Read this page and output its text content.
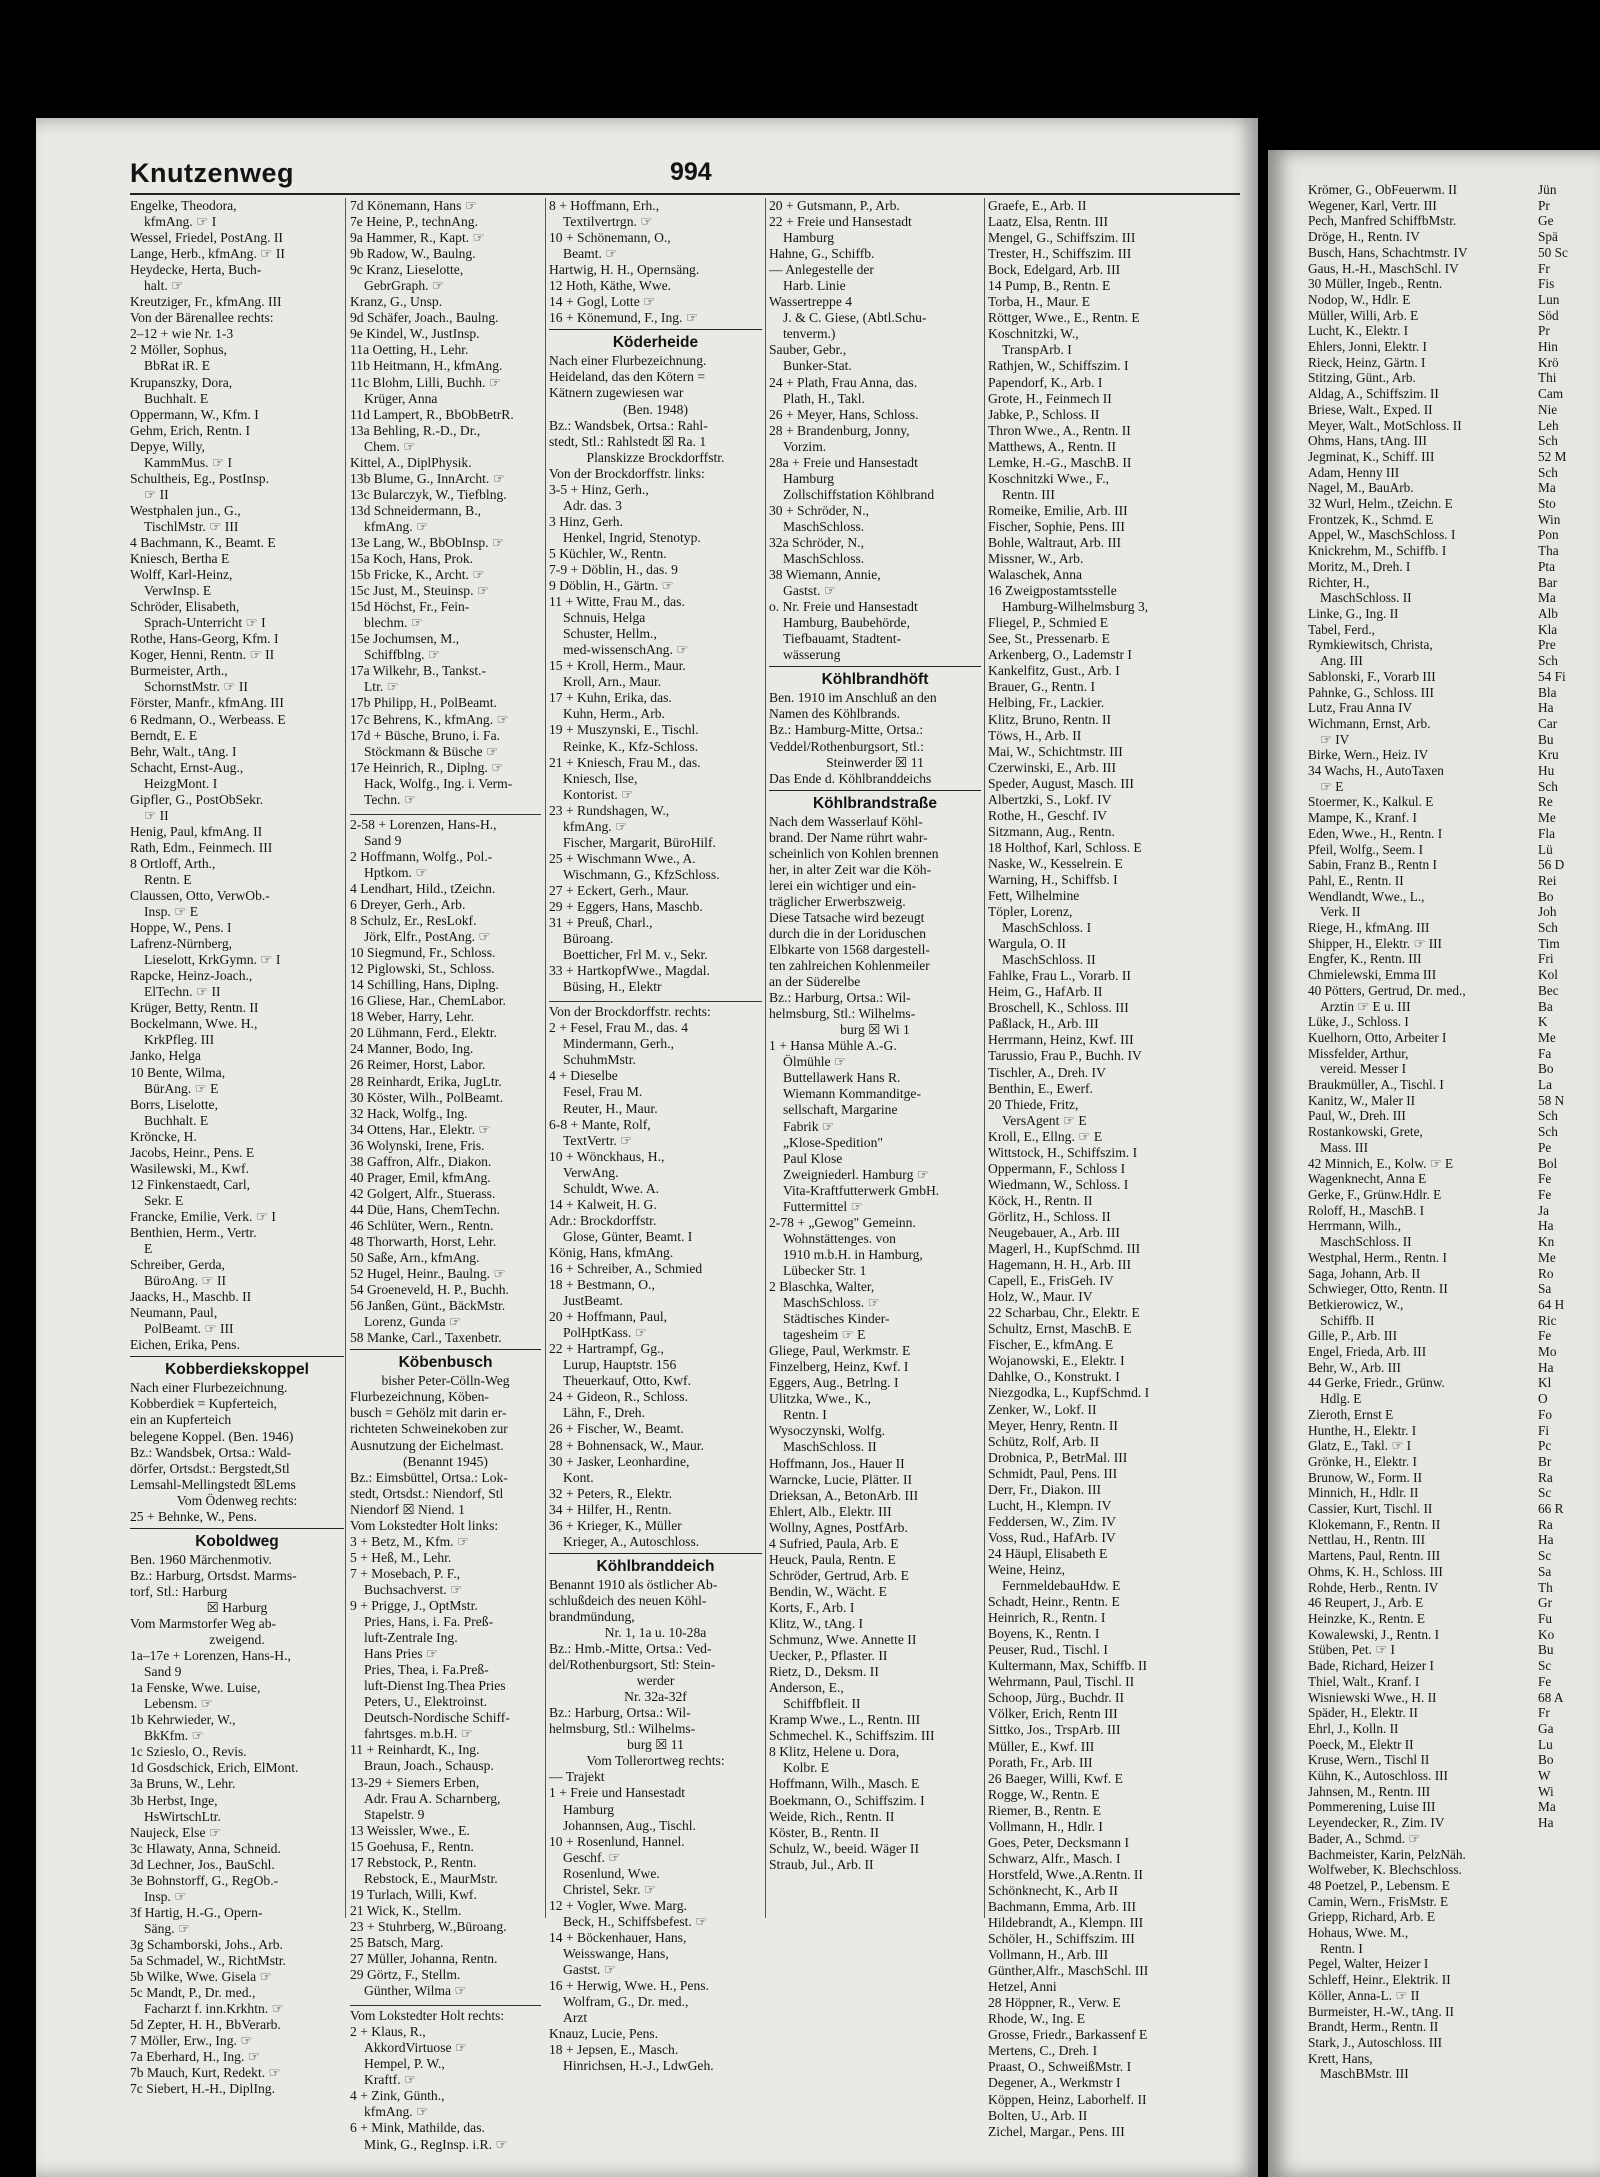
Knutzenweg	994
Engelke, Theodora,
kfmAng. ☞ I
Wessel, Friedel, PostAng. II
Lange, Herb., kfmAng. ☞ II
Heydecke, Herta, Buch-
halt. ☞
Kreutziger, Fr., kfmAng. III
Von der Bärenallee rechts:
2–12 + wie Nr. 1-3
2 Möller, Sophus,
BbRat iR. E
Krupanszky, Dora,
Buchhalt. E
Oppermann, W., Kfm. I
Gehm, Erich, Rentn. I
Depye, Willy,
KammMus. ☞ I
Schultheis, Eg., PostInsp.
☞ II
Westphalen jun., G.,
TischlMstr. ☞ III
4 Bachmann, K., Beamt. E
Kniesch, Bertha E
Wolff, Karl-Heinz,
VerwInsp. E
Schröder, Elisabeth,
Sprach-Unterricht ☞ I
Rothe, Hans-Georg, Kfm. I
Koger, Henni, Rentn. ☞ II
Burmeister, Arth.,
SchornstMstr. ☞ II
Förster, Manfr., kfmAng. III
6 Redmann, O., Werbeass. E
Berndt, E. E
Behr, Walt., tAng. I
Schacht, Ernst-Aug.,
HeizgMont. I
Gipfler, G., PostObSekr.
☞ II
Henig, Paul, kfmAng. II
Rath, Edm., Feinmech. III
8 Ortloff, Arth.,
Rentn. E
Claussen, Otto, VerwOb.-
Insp. ☞ E
Hoppe, W., Pens. I
Lafrenz-Nürnberg,
Lieselott, KrkGymn. ☞ I
Rapcke, Heinz-Joach.,
ElTechn. ☞ II
Krüger, Betty, Rentn. II
Bockelmann, Wwe. H.,
KrkPfleg. III
Janko, Helga
10 Bente, Wilma,
BürAng. ☞ E
Borrs, Liselotte,
Buchhalt. E
Kröncke, H.
Jacobs, Heinr., Pens. E
Wasilewski, M., Kwf.
12 Finkenstaedt, Carl,
Sekr. E
Francke, Emilie, Verk. ☞ I
Benthien, Herm., Vertr.
E
Schreiber, Gerda,
BüroAng. ☞ II
Jaacks, H., Maschb. II
Neumann, Paul,
PolBeamt. ☞ III
Eichen, Erika, Pens.
Kobberdiekskoppel
Nach einer Flurbezeichnung.
Kobberdiek = Kupferteich,
ein an Kupferteich
belegene Koppel. (Ben. 1946)
Bz.: Wandsbek, Ortsa.: Wald-
dörfer, Ortsdst.: Bergstedt,Stl
Lemsahl-Mellingstedt ☒Lems
Vom Ödenweg rechts:
25 + Behnke, W., Pens.
Koboldweg
Ben. 1960 Märchenmotiv.
Bz.: Harburg, Ortsdst. Marms-
torf, Stl.: Harburg
☒ Harburg
Vom Marmstorfer Weg ab-
zweigend.
1a–17e + Lorenzen, Hans-H.,
Sand 9
1a Fenske, Wwe. Luise,
Lebensm. ☞
1b Kehrwieder, W.,
BkKfm. ☞
1c Szieslo, O., Revis.
1d Gosdschick, Erich, ElMont.
3a Bruns, W., Lehr.
3b Herbst, Inge,
HsWirtschLtr.
Naujeck, Else ☞
3c Hlawaty, Anna, Schneid.
3d Lechner, Jos., BauSchl.
3e Bohnstorff, G., RegOb.-
Insp. ☞
3f Hartig, H.-G., Opern-
Säng. ☞
3g Schamborski, Johs., Arb.
5a Schmadel, W., RichtMstr.
5b Wilke, Wwe. Gisela ☞
5c Mandt, P., Dr. med.,
Facharzt f. inn.Krkhtn. ☞
5d Zepter, H. H., BbVerarb.
7 Möller, Erw., Ing. ☞
7a Eberhard, H., Ing. ☞
7b Mauch, Kurt, Redekt. ☞
7c Siebert, H.-H., DiplIng.
7d Könemann, Hans ☞
7e Heine, P., technAng.
9a Hammer, R., Kapt. ☞
9b Radow, W., Baulng.
9c Kranz, Lieselotte,
GebrGraph. ☞
Kranz, G., Unsp.
9d Schäfer, Joach., Baulng.
9e Kindel, W., JustInsp.
11a Oetting, H., Lehr.
11b Heitmann, H., kfmAng.
11c Blohm, Lilli, Buchh. ☞
Krüger, Anna
11d Lampert, R., BbObBetrR.
13a Behling, R.-D., Dr.,
Chem. ☞
Kittel, A., DiplPhysik.
13b Blume, G., InnArcht. ☞
13c Bularczyk, W., Tiefblng.
13d Schneidermann, B.,
kfmAng. ☞
13e Lang, W., BbObInsp. ☞
15a Koch, Hans, Prok.
15b Fricke, K., Archt. ☞
15c Just, M., Steuinsp. ☞
15d Höchst, Fr., Fein-
blechm. ☞
15e Jochumsen, M.,
Schiffblng. ☞
17a Wilkehr, B., Tankst.-
Ltr. ☞
17b Philipp, H., PolBeamt.
17c Behrens, K., kfmAng. ☞
17d + Büsche, Bruno, i. Fa.
Stöckmann & Büsche ☞
17e Heinrich, R., Diplng. ☞
Hack, Wolfg., Ing. i. Verm-
Techn. ☞
2-58 + Lorenzen, Hans-H.,
Sand 9
2 Hoffmann, Wolfg., Pol.-
Hptkom. ☞
4 Lendhart, Hild., tZeichn.
6 Dreyer, Gerh., Arb.
8 Schulz, Er., ResLokf.
Jörk, Elfr., PostAng. ☞
10 Siegmund, Fr., Schloss.
12 Piglowski, St., Schloss.
14 Schilling, Hans, Diplng.
16 Gliese, Har., ChemLabor.
18 Weber, Harry, Lehr.
20 Lühmann, Ferd., Elektr.
24 Manner, Bodo, Ing.
26 Reimer, Horst, Labor.
28 Reinhardt, Erika, JugLtr.
30 Köster, Wilh., PolBeamt.
32 Hack, Wolfg., Ing.
34 Ottens, Har., Elektr. ☞
36 Wolynski, Irene, Fris.
38 Gaffron, Alfr., Diakon.
40 Prager, Emil, kfmAng.
42 Golgert, Alfr., Stuerass.
44 Düe, Hans, ChemTechn.
46 Schlüter, Wern., Rentn.
48 Thorwarth, Horst, Lehr.
50 Saße, Arn., kfmAng.
52 Hugel, Heinr., Baulng. ☞
54 Groeneveld, H. P., Buchh.
56 Janßen, Günt., BäckMstr.
Lorenz, Gunda ☞
58 Manke, Carl., Taxenbetr.
Köbenbusch
bisher Peter-Cölln-Weg
Flurbezeichnung, Köben-
busch = Gehölz mit darin er-
richteten Schweinekoben zur
Ausnutzung der Eichelmast.
(Benannt 1945)
Bz.: Eimsbüttel, Ortsa.: Lok-
stedt, Ortsdst.: Niendorf, Stl
Niendorf ☒ Niend. 1
Vom Lokstedter Holt links:
3 + Betz, M., Kfm. ☞
5 + Heß, M., Lehr.
7 + Mosebach, P. F.,
Buchsachverst. ☞
9 + Prigge, J., OptMstr.
Pries, Hans, i. Fa. Preß-
luft-Zentrale Ing.
Hans Pries ☞
Pries, Thea, i. Fa.Preß-
luft-Dienst Ing.Thea Pries
Peters, U., Elektroinst.
Deutsch-Nordische Schiff-
fahrtsges. m.b.H. ☞
11 + Reinhardt, K., Ing.
Braun, Joach., Schausp.
13-29 + Siemers Erben,
Adr. Frau A. Scharnberg,
Stapelstr. 9
13 Weissler, Wwe., E.
15 Goehusa, F., Rentn.
17 Rebstock, P., Rentn.
Rebstock, E., MaurMstr.
19 Turlach, Willi, Kwf.
21 Wick, K., Stellm.
23 + Stuhrberg, W.,Büroang.
25 Batsch, Marg.
27 Müller, Johanna, Rentn.
29 Görtz, F., Stellm.
Günther, Wilma ☞
Vom Lokstedter Holt rechts:
2 + Klaus, R.,
AkkordVirtuose ☞
Hempel, P. W.,
Kraftf. ☞
4 + Zink, Günth.,
kfmAng. ☞
6 + Mink, Mathilde, das.
Mink, G., RegInsp. i.R. ☞
8 + Hoffmann, Erh.,
Textilvertrgn. ☞
10 + Schönemann, O.,
Beamt. ☞
Hartwig, H. H., Opernsäng.
12 Hoth, Käthe, Wwe.
14 + Gogl, Lotte ☞
16 + Könemund, F., Ing. ☞
Köderheide
Nach einer Flurbezeichnung.
Heideland, das den Kötern =
Kätnern zugewiesen war
(Ben. 1948)
Bz.: Wandsbek, Ortsa.: Rahl-
stedt, Stl.: Rahlstedt ☒ Ra. 1
Planskizze Brockdorffstr.
Von der Brockdorffstr. links:
3-5 + Hinz, Gerh.,
Adr. das. 3
3 Hinz, Gerh.
Henkel, Ingrid, Stenotyp.
5 Küchler, W., Rentn.
7-9 + Döblin, H., das. 9
9 Döblin, H., Gärtn. ☞
11 + Witte, Frau M., das.
Schnuis, Helga
Schuster, Hellm.,
med-wissenschAng. ☞
15 + Kroll, Herm., Maur.
Kroll, Arn., Maur.
17 + Kuhn, Erika, das.
Kuhn, Herm., Arb.
19 + Muszynski, E., Tischl.
Reinke, K., Kfz-Schloss.
21 + Kniesch, Frau M., das.
Kniesch, Ilse,
Kontorist. ☞
23 + Rundshagen, W.,
kfmAng. ☞
Fischer, Margarit, BüroHilf.
25 + Wischmann Wwe., A.
Wischmann, G., KfzSchloss.
27 + Eckert, Gerh., Maur.
29 + Eggers, Hans, Maschb.
31 + Preuß, Charl.,
Büroang.
Boetticher, Frl M. v., Sekr.
33 + HartkopfWwe., Magdal.
Büsing, H., Elektr
Von der Brockdorffstr. rechts:
2 + Fesel, Frau M., das. 4
Mindermann, Gerh.,
SchuhmMstr.
4 + Dieselbe
Fesel, Frau M.
Reuter, H., Maur.
6-8 + Mante, Rolf,
TextVertr. ☞
10 + Wönckhaus, H.,
VerwAng.
Schuldt, Wwe. A.
14 + Kalweit, H. G.
Adr.: Brockdorffstr.
Glose, Günter, Beamt. I
König, Hans, kfmAng.
16 + Schreiber, A., Schmied
18 + Bestmann, O.,
JustBeamt.
20 + Hoffmann, Paul,
PolHptKass. ☞
22 + Hartrampf, Gg.,
Lurup, Hauptstr. 156
Theuerkauf, Otto, Kwf.
24 + Gideon, R., Schloss.
Lähn, F., Dreh.
26 + Fischer, W., Beamt.
28 + Bohnensack, W., Maur.
30 + Jasker, Leonhardine,
Kont.
32 + Peters, R., Elektr.
34 + Hilfer, H., Rentn.
36 + Krieger, K., Müller
Krieger, A., Autoschloss.
Köhlbranddeich
Benannt 1910 als östlicher Ab-
schlußdeich des neuen Köhl-
brandmündung,
Nr. 1, 1a u. 10-28a
Bz.: Hmb.-Mitte, Ortsa.: Ved-
del/Rothenburgsort, Stl: Stein-
werder
Nr. 32a-32f
Bz.: Harburg, Ortsa.: Wil-
helmsburg, Stl.: Wilhelms-
burg ☒ 11
Vom Tollerortweg rechts:
— Trajekt
1 + Freie und Hansestadt
Hamburg
Johannsen, Aug., Tischl.
10 + Rosenlund, Hannel.
Geschf. ☞
Rosenlund, Wwe.
Christel, Sekr. ☞
12 + Vogler, Wwe. Marg.
Beck, H., Schiffsbefest. ☞
14 + Böckenhauer, Hans,
Weisswange, Hans,
Gastst. ☞
16 + Herwig, Wwe. H., Pens.
Wolfram, G., Dr. med.,
Arzt
Knauz, Lucie, Pens.
18 + Jepsen, E., Masch.
Hinrichsen, H.-J., LdwGeh.
20 + Gutsmann, P., Arb.
22 + Freie und Hansestadt
Hamburg
Hahne, G., Schiffb.
— Anlegestelle der
Harb. Linie
Wassertreppe 4
J. & C. Giese, (Abtl.Schu-
tenverm.)
Sauber, Gebr.,
Bunker-Stat.
24 + Plath, Frau Anna, das.
Plath, H., Takl.
26 + Meyer, Hans, Schloss.
28 + Brandenburg, Jonny,
Vorzim.
28a + Freie und Hansestadt
Hamburg
Zollschiffstation Köhlbrand
30 + Schröder, N.,
MaschSchloss.
32a Schröder, N.,
MaschSchloss.
38 Wiemann, Annie,
Gastst. ☞
o. Nr. Freie und Hansestadt
Hamburg, Baubehörde,
Tiefbauamt, Stadtent-
wässerung
Köhlbrandhöft
Ben. 1910 im Anschluß an den
Namen des Köhlbrands.
Bz.: Hamburg-Mitte, Ortsa.:
Veddel/Rothenburgsort, Stl.:
Steinwerder ☒ 11
Das Ende d. Köhlbranddeichs
Köhlbrandstraße
Nach dem Wasserlauf Köhl-
brand. Der Name rührt wahr-
scheinlich von Kohlen brennen
her, in alter Zeit war die Köh-
lerei ein wichtiger und ein-
träglicher Erwerbszweig.
Diese Tatsache wird bezeugt
durch die in der Loriduschen
Elbkarte von 1568 dargestell-
ten zahlreichen Kohlenmeiler
an der Süderelbe
Bz.: Harburg, Ortsa.: Wil-
helmsburg, Stl.: Wilhelms-
burg ☒ Wi 1
1 + Hansa Mühle A.-G.
Ölmühle ☞
Buttellawerk Hans R.
Wiemann Kommanditge-
sellschaft, Margarine
Fabrik ☞
„Klose-Spedition"
Paul Klose
Zweigniederl. Hamburg ☞
Vita-Kraftfutterwerk GmbH.
Futtermittel ☞
2-78 + „Gewog" Gemeinn.
Wohnstättenges. von
1910 m.b.H. in Hamburg,
Lübecker Str. 1
2 Blaschka, Walter,
MaschSchloss. ☞
Städtisches Kinder-
tagesheim ☞ E
Gliege, Paul, Werkmstr. E
Finzelberg, Heinz, Kwf. I
Eggers, Aug., Betrlng. I
Ulitzka, Wwe., K.,
Rentn. I
Wysoczynski, Wolfg.
MaschSchloss. II
Hoffmann, Jos., Hauer II
Warncke, Lucie, Plätter. II
Drieksan, A., BetonArb. III
Ehlert, Alb., Elektr. III
Wollny, Agnes, PostfArb.
4 Sufried, Paula, Arb. E
Heuck, Paula, Rentn. E
Schröder, Gertrud, Arb. E
Bendin, W., Wächt. E
Korts, F., Arb. I
Klitz, W., tAng. I
Schmunz, Wwe. Annette II
Uecker, P., Pflaster. II
Rietz, D., Deksm. II
Anderson, E.,
Schiffbfleit. II
Kramp Wwe., L., Rentn. III
Schmechel. K., Schiffszim. III
8 Klitz, Helene u. Dora,
Kolbr. E
Hoffmann, Wilh., Masch. E
Boekmann, O., Schiffszim. I
Weide, Rich., Rentn. II
Köster, B., Rentn. II
Schulz, W., beeid. Wäger II
Straub, Jul., Arb. II
Graefe, E., Arb. II
Laatz, Elsa, Rentn. III
Mengel, G., Schiffszim. III
Trester, H., Schiffszim. III
Bock, Edelgard, Arb. III
14 Pump, B., Rentn. E
Torba, H., Maur. E
Röttger, Wwe., E., Rentn. E
Koschnitzki, W.,
TranspArb. I
Rathjen, W., Schiffszim. I
Papendorf, K., Arb. I
Grote, H., Feinmech II
Jabke, P., Schloss. II
Thron Wwe., A., Rentn. II
Matthews, A., Rentn. II
Lemke, H.-G., MaschB. II
Koschnitzki Wwe., F.,
Rentn. III
Romeike, Emilie, Arb. III
Fischer, Sophie, Pens. III
Bohle, Waltraut, Arb. III
Missner, W., Arb.
Walaschek, Anna
16 Zweigpostamtsstelle
Hamburg-Wilhelmsburg 3,
Fliegel, P., Schmied E
See, St., Pressenarb. E
Arkenberg, O., Lademstr I
Kankelfitz, Gust., Arb. I
Brauer, G., Rentn. I
Helbing, Fr., Lackier.
Klitz, Bruno, Rentn. II
Töws, H., Arb. II
Mai, W., Schichtmstr. III
Czerwinski, E., Arb. III
Speder, August, Masch. III
Albertzki, S., Lokf. IV
Rothe, H., Geschf. IV
Sitzmann, Aug., Rentn.
18 Holthof, Karl, Schloss. E
Naske, W., Kesselrein. E
Warning, H., Schiffsb. I
Fett, Wilhelmine
Töpler, Lorenz,
MaschSchloss. I
Wargula, O. II
MaschSchloss. II
Fahlke, Frau L., Vorarb. II
Heim, G., HafArb. II
Broschell, K., Schloss. III
Paßlack, H., Arb. III
Herrmann, Heinz, Kwf. III
Tarussio, Frau P., Buchh. IV
Tischler, A., Dreh. IV
Benthin, E., Ewerf.
20 Thiede, Fritz,
VersAgent ☞ E
Kroll, E., Ellng. ☞ E
Wittstock, H., Schiffszim. I
Oppermann, F., Schloss I
Wiedmann, W., Schloss. I
Köck, H., Rentn. II
Görlitz, H., Schloss. II
Neugebauer, A., Arb. III
Magerl, H., KupfSchmd. III
Hagemann, H. H., Arb. III
Capell, E., FrisGeh. IV
Holz, W., Maur. IV
22 Scharbau, Chr., Elektr. E
Schultz, Ernst, MaschB. E
Fischer, E., kfmAng. E
Wojanowski, E., Elektr. I
Dahlke, O., Konstrukt. I
Niezgodka, L., KupfSchmd. I
Zenker, W., Lokf. II
Meyer, Henry, Rentn. II
Schütz, Rolf, Arb. II
Drobnica, P., BetrMal. III
Schmidt, Paul, Pens. III
Derr, Fr., Diakon. III
Lucht, H., Klempn. IV
Feddersen, W., Zim. IV
Voss, Rud., HafArb. IV
24 Häupl, Elisabeth E
Weine, Heinz,
FernmeldebauHdw. E
Schadt, Heinr., Rentn. E
Heinrich, R., Rentn. I
Boyens, K., Rentn. I
Peuser, Rud., Tischl. I
Kultermann, Max, Schiffb. II
Wehrmann, Paul, Tischl. II
Schoop, Jürg., Buchdr. II
Völker, Erich, Rentn III
Sittko, Jos., TrspArb. III
Müller, E., Kwf. III
Porath, Fr., Arb. III
26 Baeger, Willi, Kwf. E
Rogge, W., Rentn. E
Riemer, B., Rentn. E
Vollmann, H., Hdlr. I
Goes, Peter, Decksmann I
Schwarz, Alfr., Masch. I
Horstfeld, Wwe.,A.Rentn. II
Schönknecht, K., Arb II
Bachmann, Emma, Arb. III
Hildebrandt, A., Klempn. III
Schöler, H., Schiffszim. III
Vollmann, H., Arb. III
Günther,Alfr., MaschSchl. III
Hetzel, Anni
28 Höppner, R., Verw. E
Rhode, W., Ing. E
Grosse, Friedr., Barkassenf E
Mertens, C., Dreh. I
Praast, O., SchweißMstr. I
Degener, A., Werkmstr I
Köppen, Heinz, Laborhelf. II
Bolten, U., Arb. II
Zichel, Margar., Pens. III
Krömer, G., ObFeuerwm. II
Wegener, Karl, Vertr. III
Pech, Manfred SchiffbMstr.
Dröge, H., Rentn. IV
Busch, Hans, Schachtmstr. IV
Gaus, H.-H., MaschSchl. IV
30 Müller, Ingeb., Rentn.
Nodop, W., Hdlr. E
Müller, Willi, Arb. E
Lucht, K., Elektr. I
Ehlers, Jonni, Elektr. I
Rieck, Heinz, Gärtn. I
Stitzing, Günt., Arb.
Aldag, A., Schiffszim. II
Briese, Walt., Exped. II
Meyer, Walt., MotSchloss. II
Ohms, Hans, tAng. III
Jegminat, K., Schiff. III
Adam, Henny III
Nagel, M., BauArb.
32 Wurl, Helm., tZeichn. E
Frontzek, K., Schmd. E
Appel, W., MaschSchloss. I
Knickrehm, M., Schiffb. I
Moritz, M., Dreh. I
Richter, H.,
MaschSchloss. II
Linke, G., Ing. II
Tabel, Ferd.,
Rymkiewitsch, Christa,
Ang. III
Sablonski, F., Vorarb III
Pahnke, G., Schloss. III
Lutz, Frau Anna IV
Wichmann, Ernst, Arb.
☞ IV
Birke, Wern., Heiz. IV
34 Wachs, H., AutoTaxen
☞ E
Stoermer, K., Kalkul. E
Mampe, K., Kranf. I
Eden, Wwe., H., Rentn. I
Pfeil, Wolfg., Seem. I
Sabin, Franz B., Rentn I
Pahl, E., Rentn. II
Wendlandt, Wwe., L.,
Verk. II
Riege, H., kfmAng. III
Shipper, H., Elektr. ☞ III
Engfer, K., Rentn. III
Chmielewski, Emma III
40 Pötters, Gertrud, Dr. med.,
Arztin ☞ E u. III
Lüke, J., Schloss. I
Kuelhorn, Otto, Arbeiter I
Missfelder, Arthur,
vereid. Messer I
Braukmüller, A., Tischl. I
Kanitz, W., Maler II
Paul, W., Dreh. III
Rostankowski, Grete,
Mass. III
42 Minnich, E., Kolw. ☞ E
Wagenknecht, Anna E
Gerke, F., Grünw.Hdlr. E
Roloff, H., MaschB. I
Herrmann, Wilh.,
MaschSchloss. II
Westphal, Herm., Rentn. I
Saga, Johann, Arb. II
Schwieger, Otto, Rentn. II
Betkierowicz, W.,
Schiffb. II
Gille, P., Arb. III
Engel, Frieda, Arb. III
Behr, W., Arb. III
44 Gerke, Friedr., Grünw.
Hdlg. E
Zieroth, Ernst E
Hunthe, H., Elektr. I
Glatz, E., Takl. ☞ I
Grönke, H., Elektr. I
Brunow, W., Form. II
Minnich, H., Hdlr. II
Cassier, Kurt, Tischl. II
Klokemann, F., Rentn. II
Nettlau, H., Rentn. III
Martens, Paul, Rentn. III
Ohms, K. H., Schloss. III
Rohde, Herb., Rentn. IV
46 Reupert, J., Arb. E
Heinzke, K., Rentn. E
Kowalewski, J., Rentn. I
Stüben, Pet. ☞ I
Bade, Richard, Heizer I
Thiel, Walt., Kranf. I
Wisniewski Wwe., H. II
Späder, H., Elektr. II
Ehrl, J., Kolln. II
Poeck, M., Elektr II
Kruse, Wern., Tischl II
Kühn, K., Autoschloss. III
Jahnsen, M., Rentn. III
Pommerening, Luise III
Leyendecker, R., Zim. IV
Bader, A., Schmd. ☞
Bachmeister, Karin, PelzNäh.
Wolfweber, K. Blechschloss.
48 Poetzel, P., Lebensm. E
Camin, Wern., FrisMstr. E
Griepp, Richard, Arb. E
Hohaus, Wwe. M.,
Rentn. I
Pegel, Walter, Heizer I
Schleff, Heinr., Elektrik. II
Köller, Anna-L. ☞ II
Burmeister, H.-W., tAng. II
Brandt, Herm., Rentn. II
Stark, J., Autoschloss. III
Krett, Hans,
MaschBMstr. III
Jün
Pr
Ge
Spä
50 Sc
Fr
Fis
Lun
Söd
Pr
Hin
Krö
Thi
Cam
Nie
Leh
Sch
52 M
Sch
Ma
Sto
Win
Pon
Tha
Pta
Bar
Ma
Alb
Kla
Pre
Sch
54 Fi
Bla
Ha
Car
Bu
Kru
Hu
Sch
Re
Me
Fla
Lü
56 D
Rei
Bo
Joh
Sch
Tim
Fri
Kol
Bec
Ba
K
Me
Fa
Bo
La
58 N
Sch
Sch
Pe
Bol
Fe
Fe
Ja
Ha
Kn
Me
Ro
Sa
64 H
Ric
Fe
Mo
Ha
Kl
O
Fo
Fi
Pc
Br
Ra
Sc
66 R
Ra
Ha
Sc
Sa
Th
Gr
Fu
Ko
Bu
Sc
Fe
68 A
Fr
Ga
Lu
Bo
W
Wi
Ma
Ha
